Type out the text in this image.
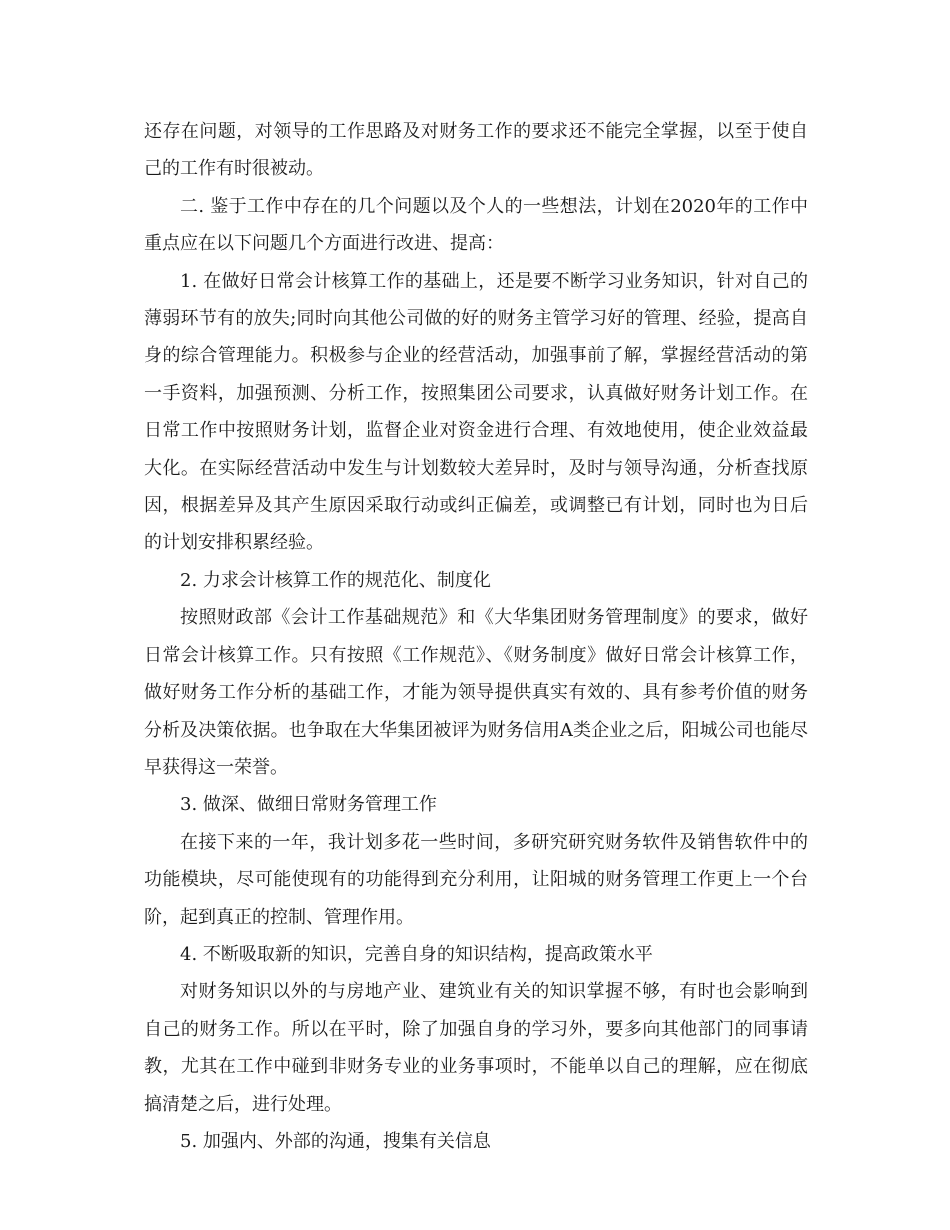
还存在问题，对领导的工作思路及对财务工作的要求还不能完全掌握，以至于使自己的工作有时很被动。

二. 鉴于工作中存在的几个问题以及个人的一些想法，计划在2020年的工作中重点应在以下问题几个方面进行改进、提高：

1. 在做好日常会计核算工作的基础上，还是要不断学习业务知识，针对自己的薄弱环节有的放失;同时向其他公司做的好的财务主管学习好的管理、经验，提高自身的综合管理能力。积极参与企业的经营活动，加强事前了解，掌握经营活动的第一手资料，加强预测、分析工作，按照集团公司要求，认真做好财务计划工作。在日常工作中按照财务计划，监督企业对资金进行合理、有效地使用，使企业效益最大化。在实际经营活动中发生与计划数较大差异时，及时与领导沟通，分析查找原因，根据差异及其产生原因采取行动或纠正偏差，或调整已有计划，同时也为日后的计划安排积累经验。

2. 力求会计核算工作的规范化、制度化

按照财政部《会计工作基础规范》和《大华集团财务管理制度》的要求，做好日常会计核算工作。只有按照《工作规范》、《财务制度》做好日常会计核算工作，做好财务工作分析的基础工作，才能为领导提供真实有效的、具有参考价值的财务分析及决策依据。也争取在大华集团被评为财务信用A类企业之后，阳城公司也能尽早获得这一荣誉。

3. 做深、做细日常财务管理工作

在接下来的一年，我计划多花一些时间，多研究研究财务软件及销售软件中的功能模块，尽可能使现有的功能得到充分利用，让阳城的财务管理工作更上一个台阶，起到真正的控制、管理作用。

4. 不断吸取新的知识，完善自身的知识结构，提高政策水平

对财务知识以外的与房地产业、建筑业有关的知识掌握不够，有时也会影响到自己的财务工作。所以在平时，除了加强自身的学习外，要多向其他部门的同事请教，尤其在工作中碰到非财务专业的业务事项时，不能单以自己的理解，应在彻底搞清楚之后，进行处理。

5. 加强内、外部的沟通，搜集有关信息
